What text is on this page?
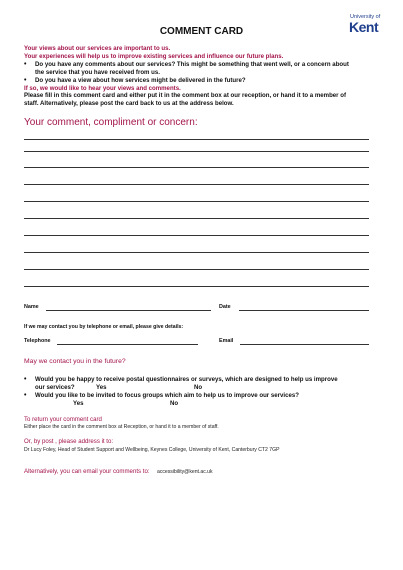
University of
Kent
COMMENT CARD
Your views about our services are important to us.
Your experiences will help us to improve existing services and influence our future plans.
• Do you have any comments about our services? This might be something that went well, or a concern about
the service that you have received from us.
• Do you have a view about how services might be delivered in the future?
If so, we would like to hear your views and comments.
Please fill in this comment card and either put it in the comment box at our reception, or hand it to a member of
staff. Alternatively, please post the card back to us at the address below.
Your comment, compliment or concern:
Name	Date
If we may contact you by telephone or email, please give details:
Telephone	Email
May we contact you in the future?
• Would you be happy to receive postal questionnaires or surveys, which are designed to help us improve
our services?	Yes	No
• Would you like to be invited to focus groups which aim to help us to improve our services?
Yes	No
To return your comment card
Either place the card in the comment box at Reception, or hand it to a member of staff.
Or, by post , please address it to:
Dr Lucy Foley, Head of Student Support and Wellbeing, Keynes College, University of Kent, Canterbury CT2 7GP
Alternatively, you can email your comments to: accessibility@kent.ac.uk
